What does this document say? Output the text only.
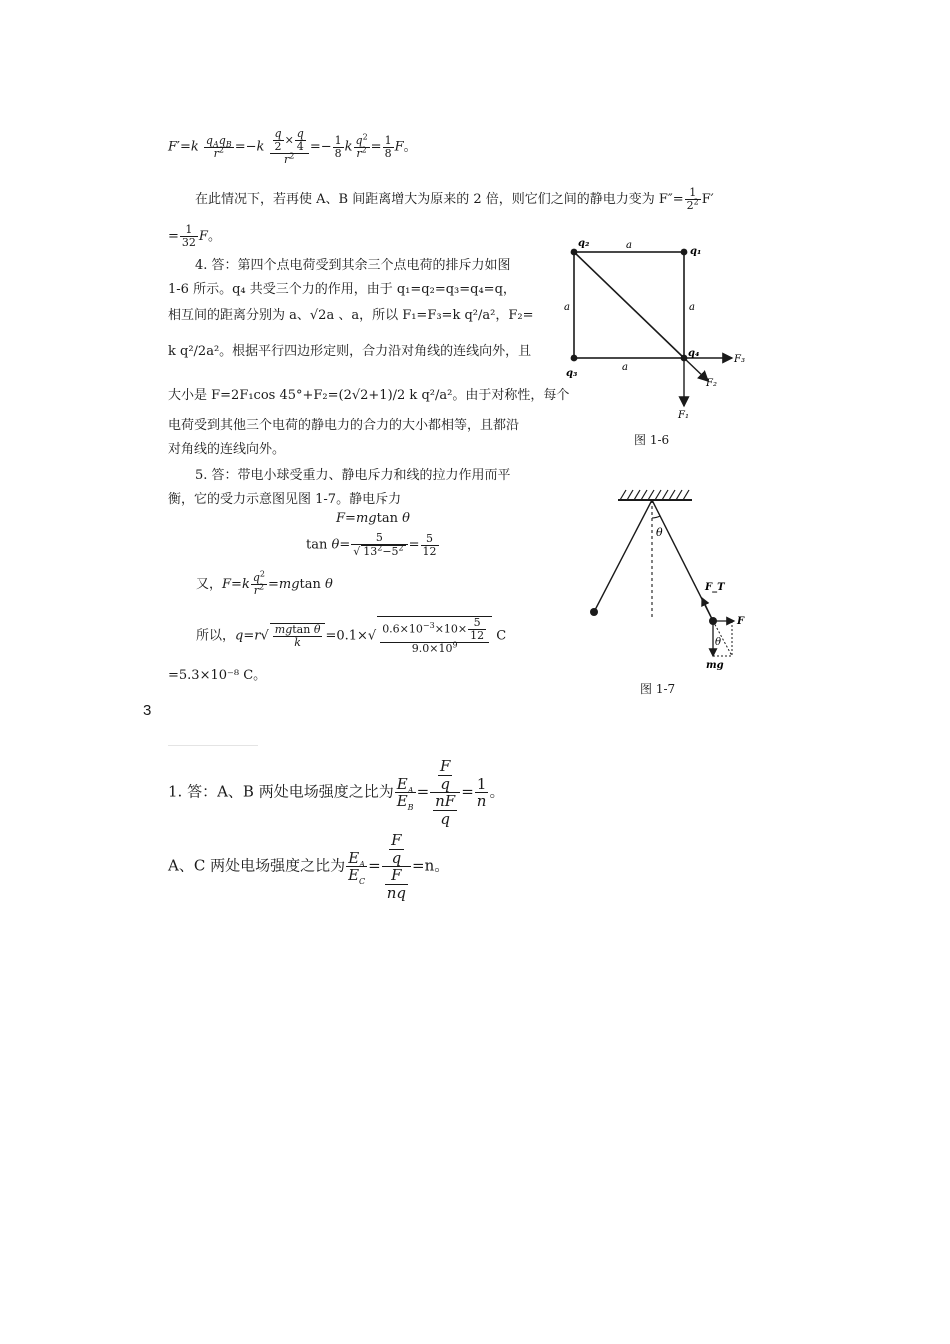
$F'=k \frac{q_Aq_B}{r^2} =-k \frac{\frac{q}{2} \times \frac{q}{4}}{r^2} =- \frac{1}{8}$ k $\frac{q^2}{r^2} = \frac{1}{8}$ F。
在此情况下，若再使 A、B 间距离增大为原来的 2 倍，则它们之间的静电力变为 $F''= \frac{1}{2^2} F'$
= $\frac{1}{32}$ F。
4. 答：第四个点电荷受到其余三个点电荷的排斥力如图
1-6 所示。q₄ 共受三个力的作用，由于 q₁=q₂=q₃=q₄=q，
相互间的距离分别为 a、√2a 、a，所以 F₁=F₃=k q²/a²，F₂=
k q²/2a²。根据平行四边形定则，合力沿对角线的连线向外，且
大小是 F=2F₁cos 45°+F₂=(2√2+1)/2 k q²/a²。由于对称性，每个
电荷受到其他三个电荷的静电力的合力的大小都相等，且都沿
对角线的连线向外。
q₂
q₁
q₃
q₄
a
a	a
a
F₃
F₂
F₁
图 1-6
5. 答：带电小球受重力、静电斥力和线的拉力作用而平
衡，它的受力示意图见图 1-7。静电斥力
F=mgtan θ
$\tan \theta= \frac{5}{√ 13^2-5^2} = \frac{5}{12}$
又，$F=k \frac{q^2}{r^2} =mgtan$ θ
所以，$q=r√ \frac{\text{mgtan θ}}{k} =0.1\times√ \frac{0.6\times 10^{-3}\times 10\times \frac{5}{12}}{9.0\times 10^9}$ C
=5.3×10⁻⁸ C。
θ
F_T
F
θ
mg
图 1-7
3
1. 答：A、B 两处电场强度之比为 $\frac{E_A}{E_B} = \frac{\frac{F}{q}}{\frac{nF}{q}} = \frac{1}{n}$ 。
A、C 两处电场强度之比为 $\frac{E_A}{E_C} = \frac{\frac{F}{q}}{\frac{F}{nq}} =n$。
